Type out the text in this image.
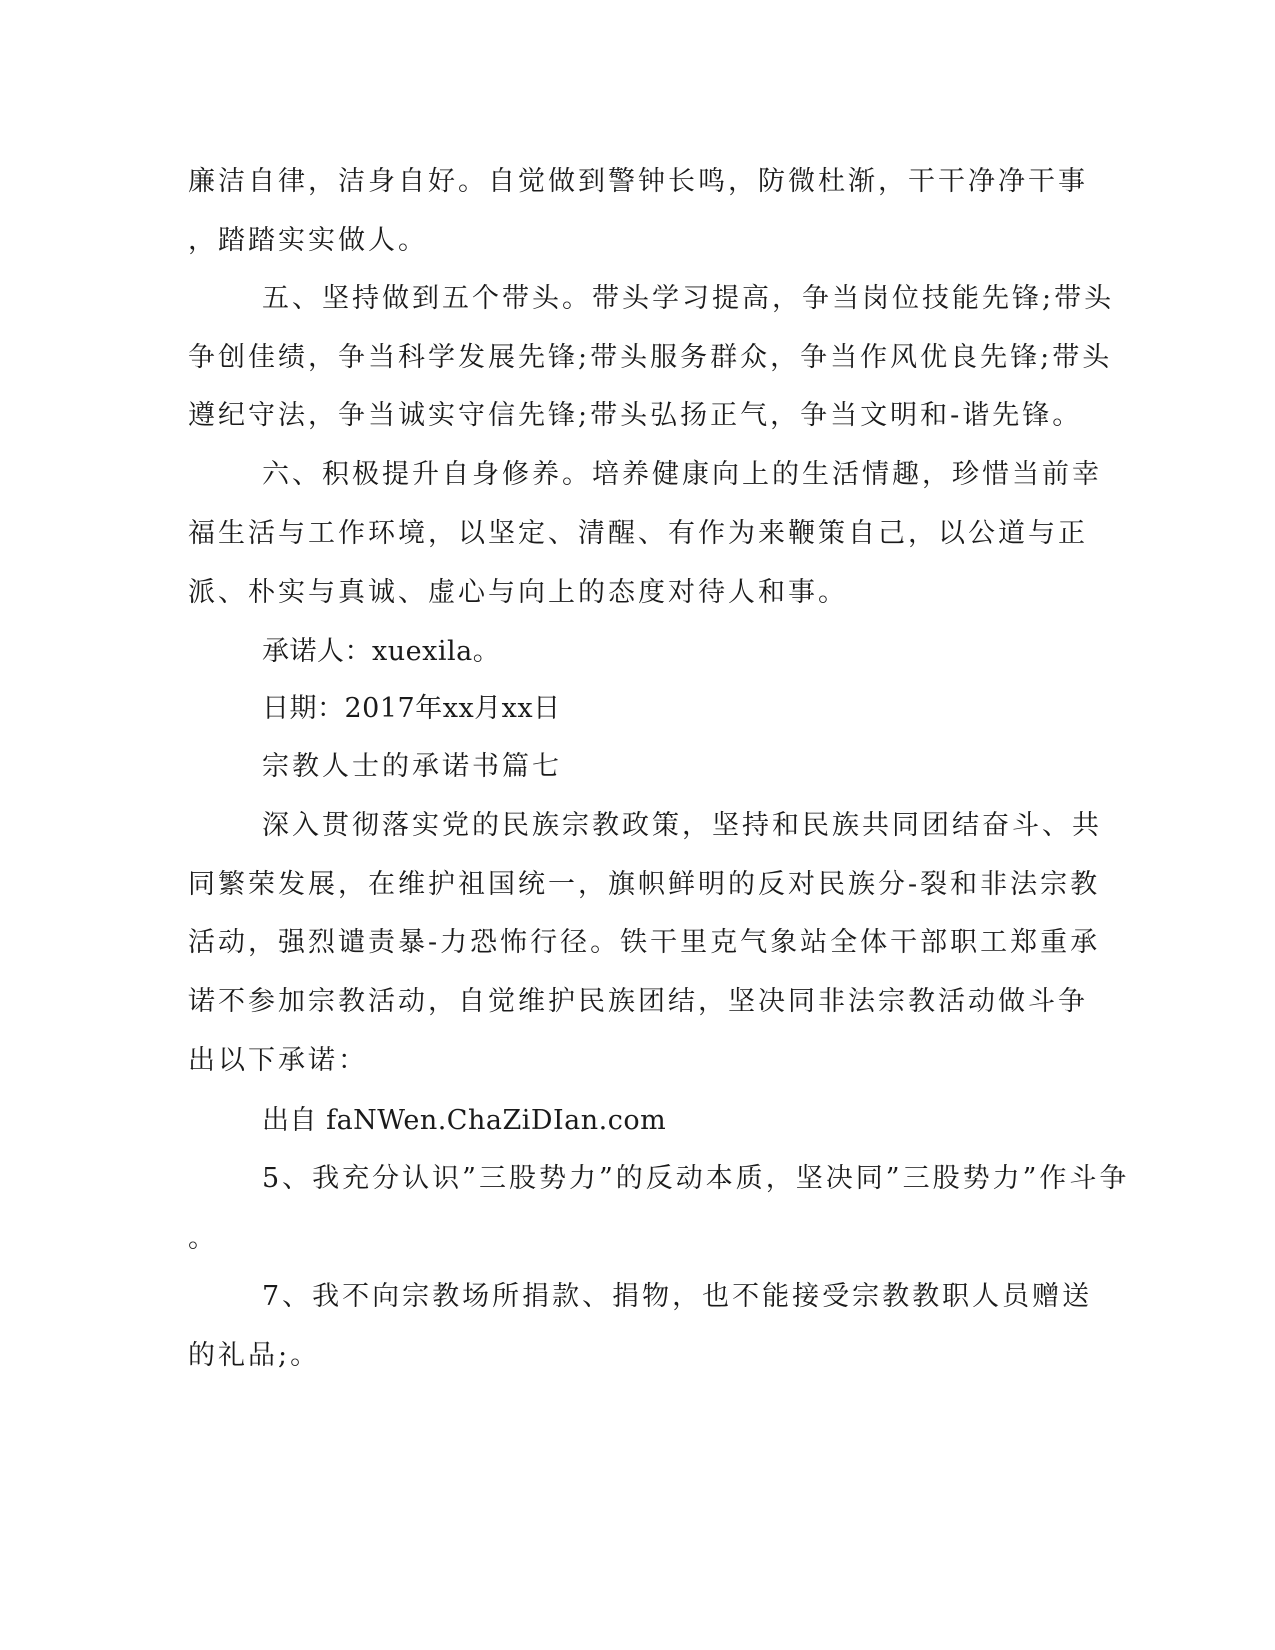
廉洁自律，洁身自好。自觉做到警钟长鸣，防微杜渐，干干净净干事
，踏踏实实做人。
五、坚持做到五个带头。带头学习提高，争当岗位技能先锋;带头
争创佳绩，争当科学发展先锋;带头服务群众，争当作风优良先锋;带头
遵纪守法，争当诚实守信先锋;带头弘扬正气，争当文明和-谐先锋。
六、积极提升自身修养。培养健康向上的生活情趣，珍惜当前幸
福生活与工作环境，以坚定、清醒、有作为来鞭策自己，以公道与正
派、朴实与真诚、虚心与向上的态度对待人和事。
承诺人：xuexila。
日期：2017年xx月xx日
宗教人士的承诺书篇七
深入贯彻落实党的民族宗教政策，坚持和民族共同团结奋斗、共
同繁荣发展，在维护祖国统一，旗帜鲜明的反对民族分-裂和非法宗教
活动，强烈谴责暴-力恐怖行径。铁干里克气象站全体干部职工郑重承
诺不参加宗教活动，自觉维护民族团结，坚决同非法宗教活动做斗争
出以下承诺：
出自 faNWen.ChaZiDIan.com
5、我充分认识”三股势力”的反动本质，坚决同”三股势力”作斗争
。
7、我不向宗教场所捐款、捐物，也不能接受宗教教职人员赠送
的礼品;。
